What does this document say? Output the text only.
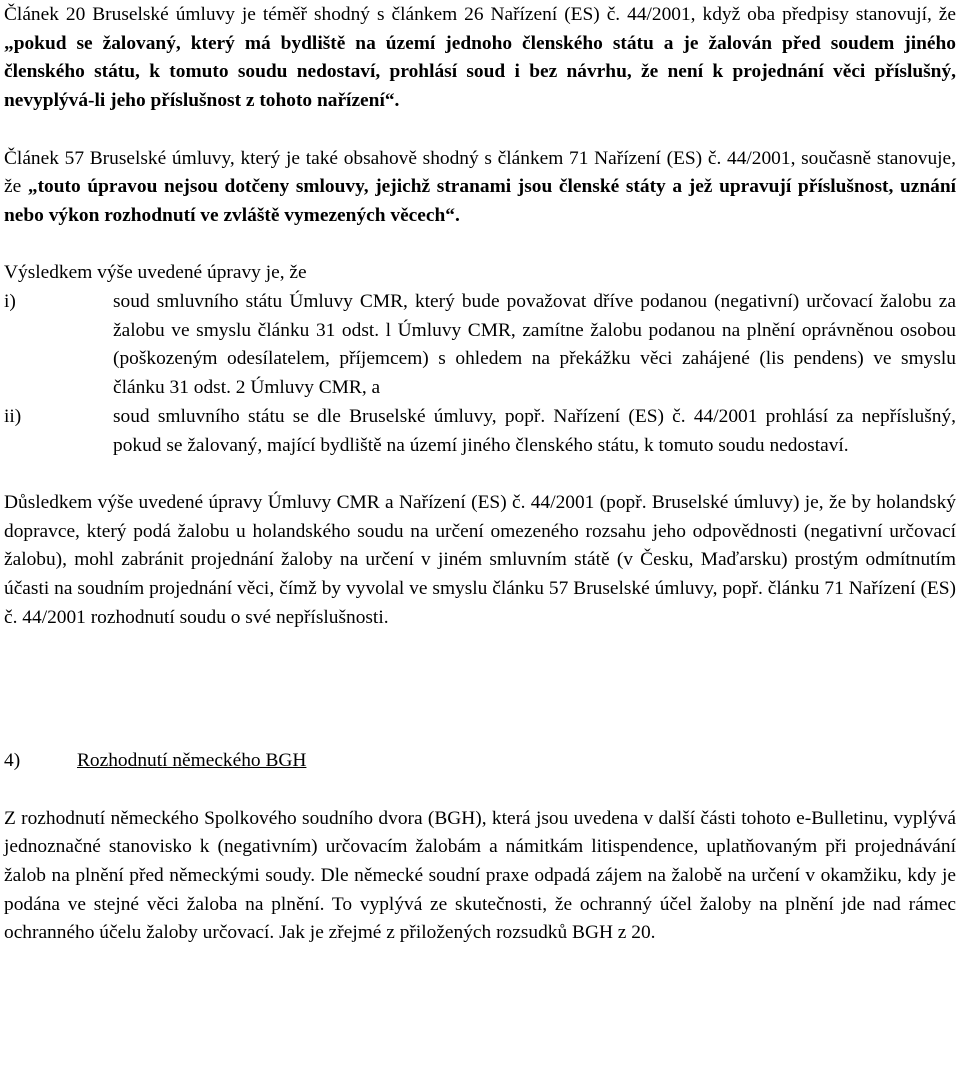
Článek 20 Bruselské úmluvy je téměř shodný s článkem 26 Nařízení (ES) č. 44/2001, když oba předpisy stanovují, že „pokud se žalovaný, který má bydliště na území jednoho členského státu a je žalován před soudem jiného členského státu, k tomuto soudu nedostaví, prohlásí soud i bez návrhu, že není k projednání věci příslušný, nevyplývá-li jeho příslušnost z tohoto nařízení“.

Článek 57 Bruselské úmluvy, který je také obsahově shodný s článkem 71 Nařízení (ES) č. 44/2001, současně stanovuje, že „touto úpravou nejsou dotčeny smlouvy, jejichž stranami jsou členské státy a jež upravují příslušnost, uznání nebo výkon rozhodnutí ve zvláště vymezených věcech“.

Výsledkem výše uvedené úpravy je, že

i)	soud smluvního státu Úmluvy CMR, který bude považovat dříve podanou (negativní) určovací žalobu za žalobu ve smyslu článku 31 odst. l Úmluvy CMR, zamítne žalobu podanou na plnění oprávněnou osobou (poškozeným odesílatelem, příjemcem) s ohledem na překážku věci zahájené (lis pendens) ve smyslu článku 31 odst. 2 Úmluvy CMR, a
ii)	soud smluvního státu se dle Bruselské úmluvy, popř. Nařízení (ES) č. 44/2001 prohlásí za nepříslušný, pokud se žalovaný, mající bydliště na území jiného členského státu, k tomuto soudu nedostaví.

Důsledkem výše uvedené úpravy Úmluvy CMR a Nařízení (ES) č. 44/2001 (popř. Bruselské úmluvy) je, že by holandský dopravce, který podá žalobu u holandského soudu na určení omezeného rozsahu jeho odpovědnosti (negativní určovací žalobu), mohl zabránit projednání žaloby na určení v jiném smluvním státě (v Česku, Maďarsku) prostým odmítnutím účasti na soudním projednání věci, čímž by vyvolal ve smyslu článku 57 Bruselské úmluvy, popř. článku 71 Nařízení (ES) č. 44/2001 rozhodnutí soudu o své nepříslušnosti.

4)	Rozhodnutí německého BGH

Z rozhodnutí německého Spolkového soudního dvora (BGH), která jsou uvedena v další části tohoto e-Bulletinu, vyplývá jednoznačné stanovisko k (negativním) určovacím žalobám a námitkám litispendence, uplatňovaným při projednávání žalob na plnění před německými soudy. Dle německé soudní praxe odpadá zájem na žalobě na určení v okamžiku, kdy je podána ve stejné věci žaloba na plnění. To vyplývá ze skutečnosti, že ochranný účel žaloby na plnění jde nad rámec ochranného účelu žaloby určovací. Jak je zřejmé z přiložených rozsudků BGH z 20.
